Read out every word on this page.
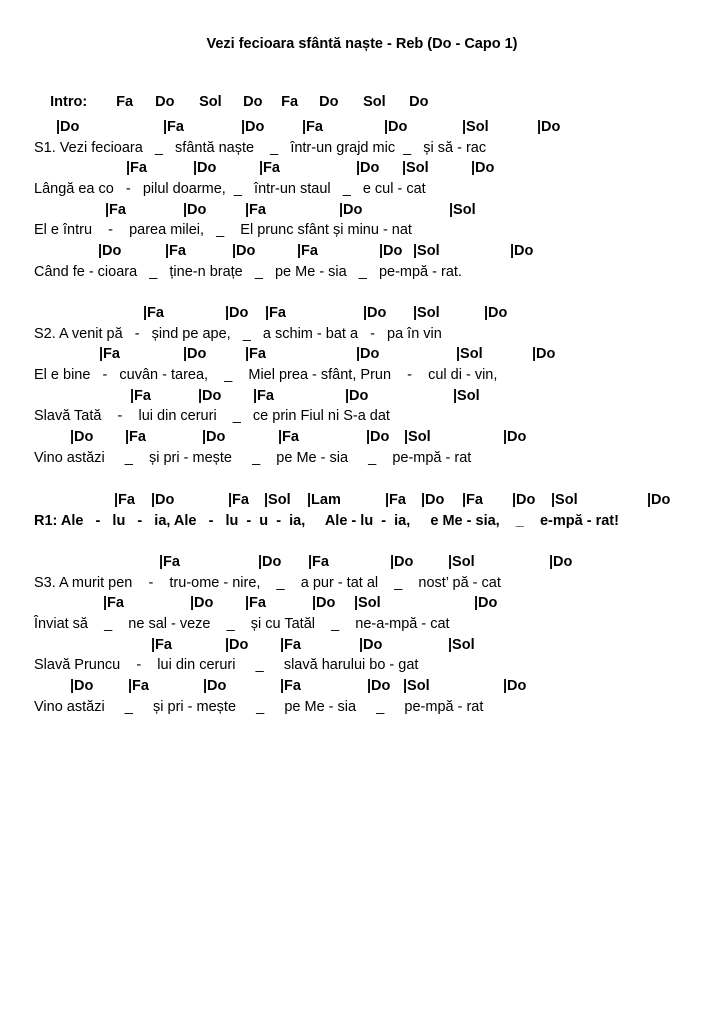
Vezi fecioara sfântă naște - Reb (Do - Capo 1)

Intro: Fa Do Sol Do Fa Do Sol Do

|Do

	|Fa

	|Do

	|Fa

	|Do

	|Sol

	|Do

S1. Vezi fecioara   _   sfântă naște    _   într-un grajd mic  _   și să - rac

|Fa

	|Do

	|Fa

	|Do

|Sol

	|Do

Lângă ea co   -   pilul doarme,  _   într-un staul   _   e cul - cat

|Fa

	|Do

	|Fa

	|Do

	|Sol

El e întru    -    parea milei,   _    El prunc sfânt și minu - nat

|Do

	|Fa

	|Do

	|Fa

	|Do

|Sol

	|Do

Când fe - cioara   _   ține-n brațe   _   pe Me - sia   _   pe-mpă - rat.

|Fa

	|Do

|Fa

	|Do

|Sol

	|Do

S2. A venit pă   -   șind pe ape,   _   a schim - bat a   -   pa în vin

|Fa

	|Do

	|Fa

	|Do

	|Sol

	|Do

El e bine   -   cuvân - tarea,    _    Miel prea - sfânt, Prun    -    cul di - vin,

|Fa

	|Do

|Fa

	|Do

	|Sol

Slavă Tată    -    lui din ceruri    _   ce prin Fiul ni S-a dat

|Do

|Fa

	|Do

	|Fa

	|Do

|Sol

	|Do

Vino astăzi     _    și pri - mește     _    pe Me - sia     _    pe-mpă - rat

|Fa

|Do

	|Fa

|Sol

|Lam

	|Fa

|Do

|Fa

|Do

|Sol

	|Do

R1: Ale   -   lu   -   ia, Ale   -   lu  -  u  -  ia,     Ale - lu  -  ia,     e Me - sia,    _    e-mpă - rat!

|Fa

	|Do

|Fa

	|Do

|Sol

	|Do

S3. A murit pen    -    tru-ome - nire,    _    a pur - tat al    _    nost’ pă - cat

|Fa

	|Do

|Fa

	|Do

|Sol

	|Do

Înviat să    _    ne sal - veze    _    și cu Tatăl    _    ne-a-mpă - cat

|Fa

	|Do

|Fa

	|Do

	|Sol

Slavă Pruncu    -    lui din ceruri     _     slavă harului bo - gat

|Do

|Fa

	|Do

	|Fa

	|Do

|Sol

	|Do

Vino astăzi     _     și pri - mește     _     pe Me - sia     _     pe-mpă - rat
